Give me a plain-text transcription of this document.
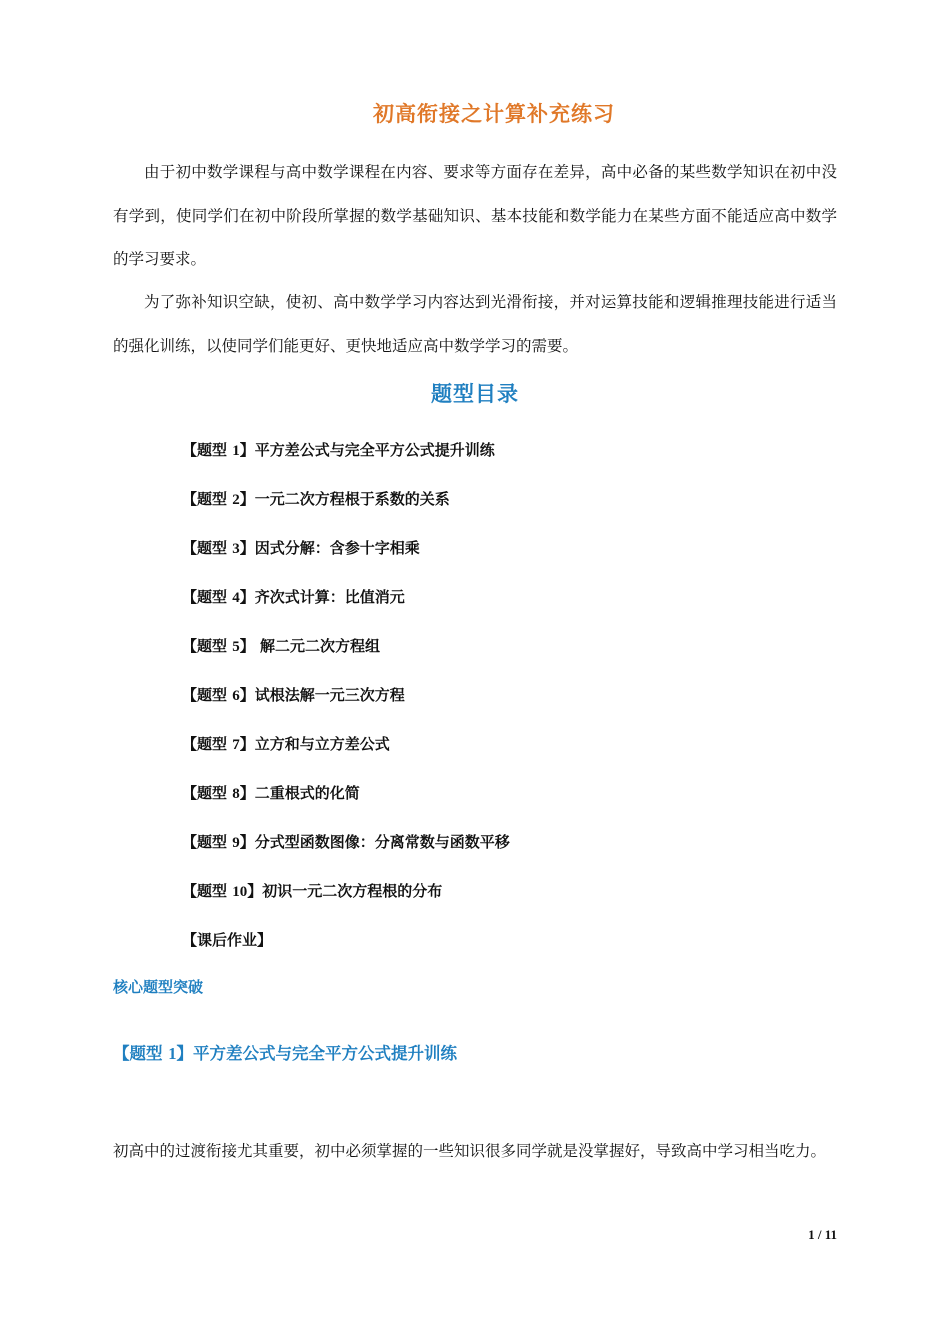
初高衔接之计算补充练习

由于初中数学课程与高中数学课程在内容、要求等方面存在差异，高中必备的某些数学知识在初中没有学到，使同学们在初中阶段所掌握的数学基础知识、基本技能和数学能力在某些方面不能适应高中数学的学习要求。

为了弥补知识空缺，使初、高中数学学习内容达到光滑衔接，并对运算技能和逻辑推理技能进行适当的强化训练，以使同学们能更好、更快地适应高中数学学习的需要。

题型目录
【题型 1】平方差公式与完全平方公式提升训练
【题型 2】一元二次方程根于系数的关系
【题型 3】因式分解：含参十字相乘
【题型 4】齐次式计算：比值消元
【题型 5】 解二元二次方程组
【题型 6】试根法解一元三次方程
【题型 7】立方和与立方差公式
【题型 8】二重根式的化简
【题型 9】分式型函数图像：分离常数与函数平移
【题型 10】初识一元二次方程根的分布
【课后作业】
核心题型突破
【题型 1】平方差公式与完全平方公式提升训练

初高中的过渡衔接尤其重要，初中必须掌握的一些知识很多同学就是没掌握好，导致高中学习相当吃力。

1 / 11
